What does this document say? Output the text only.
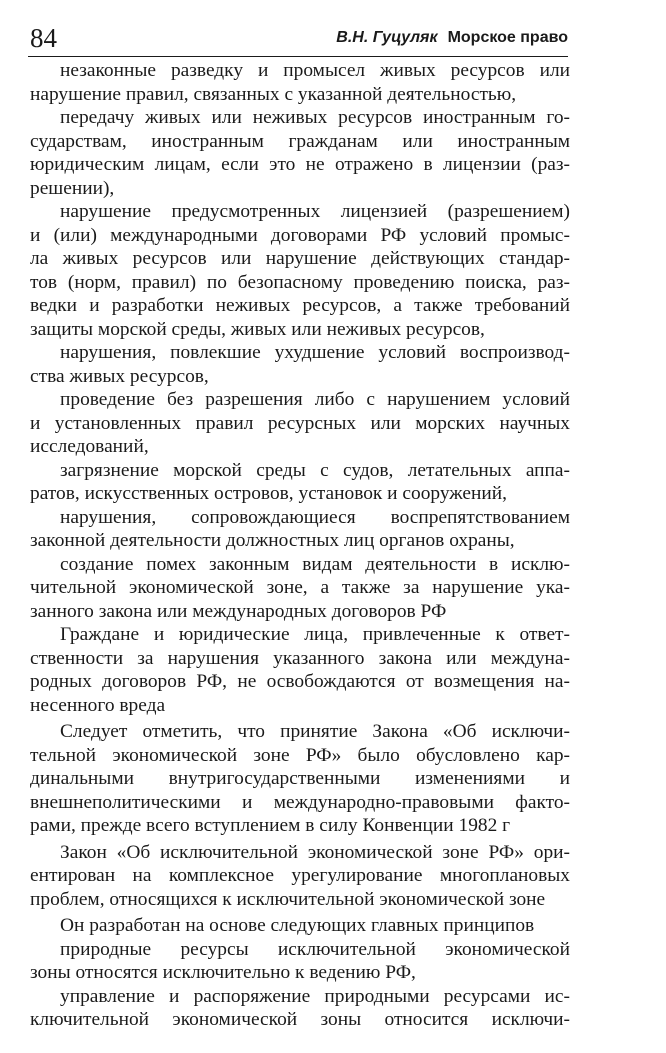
84	В.Н. Гуцуляк Морское право
незаконные разведку и промысел живых ресурсов или
нарушение правил, связанных с указанной деятельностью,
передачу живых или неживых ресурсов иностранным го-
сударствам, иностранным гражданам или иностранным
юридическим лицам, если это не отражено в лицензии (раз-
решении),
нарушение предусмотренных лицензией (разрешением)
и (или) международными договорами РФ условий промыс-
ла живых ресурсов или нарушение действующих стандар-
тов (норм, правил) по безопасному проведению поиска, раз-
ведки и разработки неживых ресурсов, а также требований
защиты морской среды, живых или неживых ресурсов,
нарушения, повлекшие ухудшение условий воспроизвод-
ства живых ресурсов,
проведение без разрешения либо с нарушением условий
и установленных правил ресурсных или морских научных
исследований,
загрязнение морской среды с судов, летательных аппа-
ратов, искусственных островов, установок и сооружений,
нарушения, сопровождающиеся воспрепятствованием
законной деятельности должностных лиц органов охраны,
создание помех законным видам деятельности в исклю-
чительной экономической зоне, а также за нарушение ука-
занного закона или международных договоров РФ
Граждане и юридические лица, привлеченные к ответ-
ственности за нарушения указанного закона или междуна-
родных договоров РФ, не освобождаются от возмещения на-
несенного вреда
Следует отметить, что принятие Закона «Об исключи-
тельной экономической зоне РФ» было обусловлено кар-
динальными внутригосударственными изменениями и
внешнеполитическими и международно-правовыми факто-
рами, прежде всего вступлением в силу Конвенции 1982 г
Закон «Об исключительной экономической зоне РФ» ори-
ентирован на комплексное урегулирование многоплановых
проблем, относящихся к исключительной экономической зоне
Он разработан на основе следующих главных принципов
природные ресурсы исключительной экономической
зоны относятся исключительно к ведению РФ,
управление и распоряжение природными ресурсами ис-
ключительной экономической зоны относится исключи-
